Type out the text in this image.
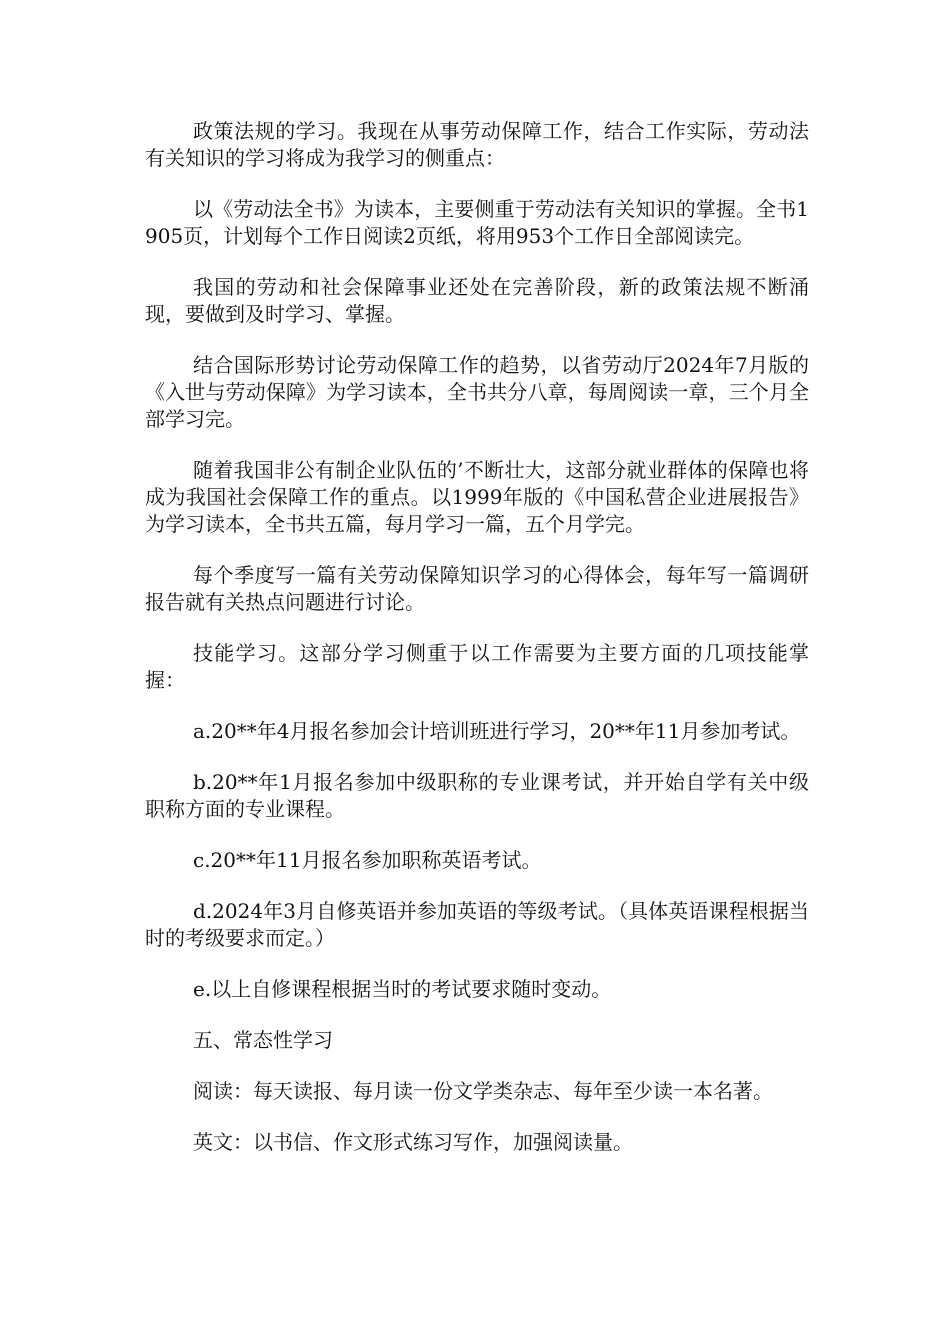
政策法规的学习。我现在从事劳动保障工作，结合工作实际，劳动法有关知识的学习将成为我学习的侧重点：

以《劳动法全书》为读本，主要侧重于劳动法有关知识的掌握。全书1905页，计划每个工作日阅读2页纸，将用953个工作日全部阅读完。

我国的劳动和社会保障事业还处在完善阶段，新的政策法规不断涌现，要做到及时学习、掌握。

结合国际形势讨论劳动保障工作的趋势，以省劳动厅2024年7月版的《入世与劳动保障》为学习读本，全书共分八章，每周阅读一章，三个月全部学习完。

随着我国非公有制企业队伍的’不断壮大，这部分就业群体的保障也将成为我国社会保障工作的重点。以1999年版的《中国私营企业进展报告》为学习读本，全书共五篇，每月学习一篇，五个月学完。

每个季度写一篇有关劳动保障知识学习的心得体会，每年写一篇调研报告就有关热点问题进行讨论。

技能学习。这部分学习侧重于以工作需要为主要方面的几项技能掌握：

a.20**年4月报名参加会计培训班进行学习，20**年11月参加考试。

b.20**年1月报名参加中级职称的专业课考试，并开始自学有关中级职称方面的专业课程。

c.20**年11月报名参加职称英语考试。

d.2024年3月自修英语并参加英语的等级考试。（具体英语课程根据当时的考级要求而定。）

e.以上自修课程根据当时的考试要求随时变动。

五、常态性学习

阅读：每天读报、每月读一份文学类杂志、每年至少读一本名著。

英文：以书信、作文形式练习写作，加强阅读量。
